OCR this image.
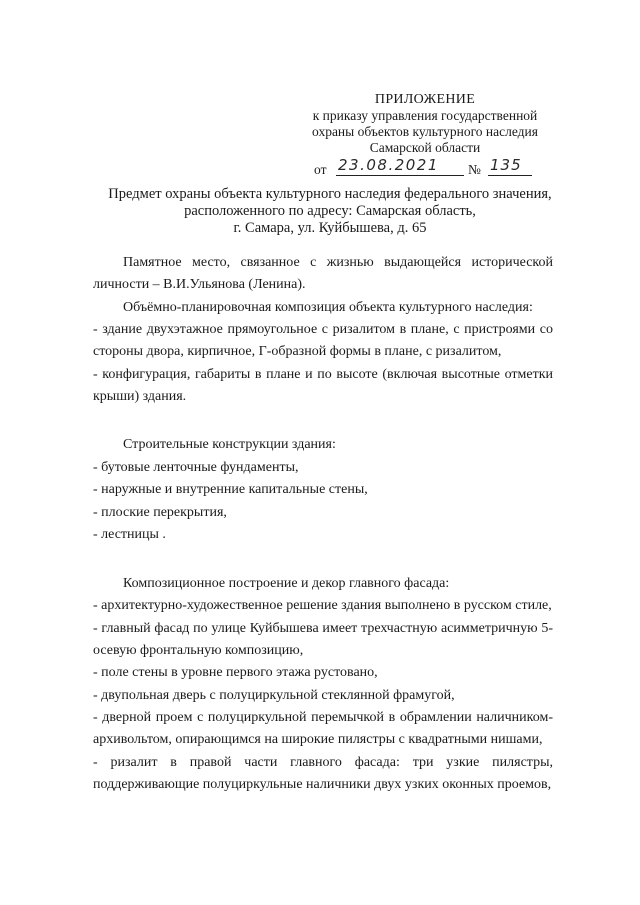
ПРИЛОЖЕНИЕ
к приказу управления государственной
охраны объектов культурного наследия
Самарской области
от 23.08.2021	№ 135
Предмет охраны объекта культурного наследия федерального значения,
расположенного по адресу: Самарская область,
г. Самара, ул. Куйбышева, д. 65

Памятное место, связанное с жизнью выдающейся исторической личности – В.И.Ульянова (Ленина).

Объёмно-планировочная композиция объекта культурного наследия:

- здание двухэтажное прямоугольное с ризалитом в плане, с пристроями со стороны двора, кирпичное, Г-образной формы в плане, с ризалитом,

- конфигурация, габариты в плане и по высоте (включая высотные отметки крыши) здания.

Строительные конструкции здания:

- бутовые ленточные фундаменты,

- наружные и внутренние капитальные стены,

- плоские перекрытия,

- лестницы .

Композиционное построение и декор главного фасада:

- архитектурно-художественное решение здания выполнено в русском стиле,

- главный фасад по улице Куйбышева имеет трехчастную асимметричную 5-осевую фронтальную композицию,

- поле стены в уровне первого этажа рустовано,

- двупольная дверь с полуциркульной стеклянной фрамугой,

- дверной проем с полуциркульной перемычкой в обрамлении наличником-архивольтом, опирающимся на широкие пилястры с квадратными нишами,

- ризалит в правой части главного фасада: три узкие пилястры, поддерживающие полуциркульные наличники двух узких оконных проемов,
